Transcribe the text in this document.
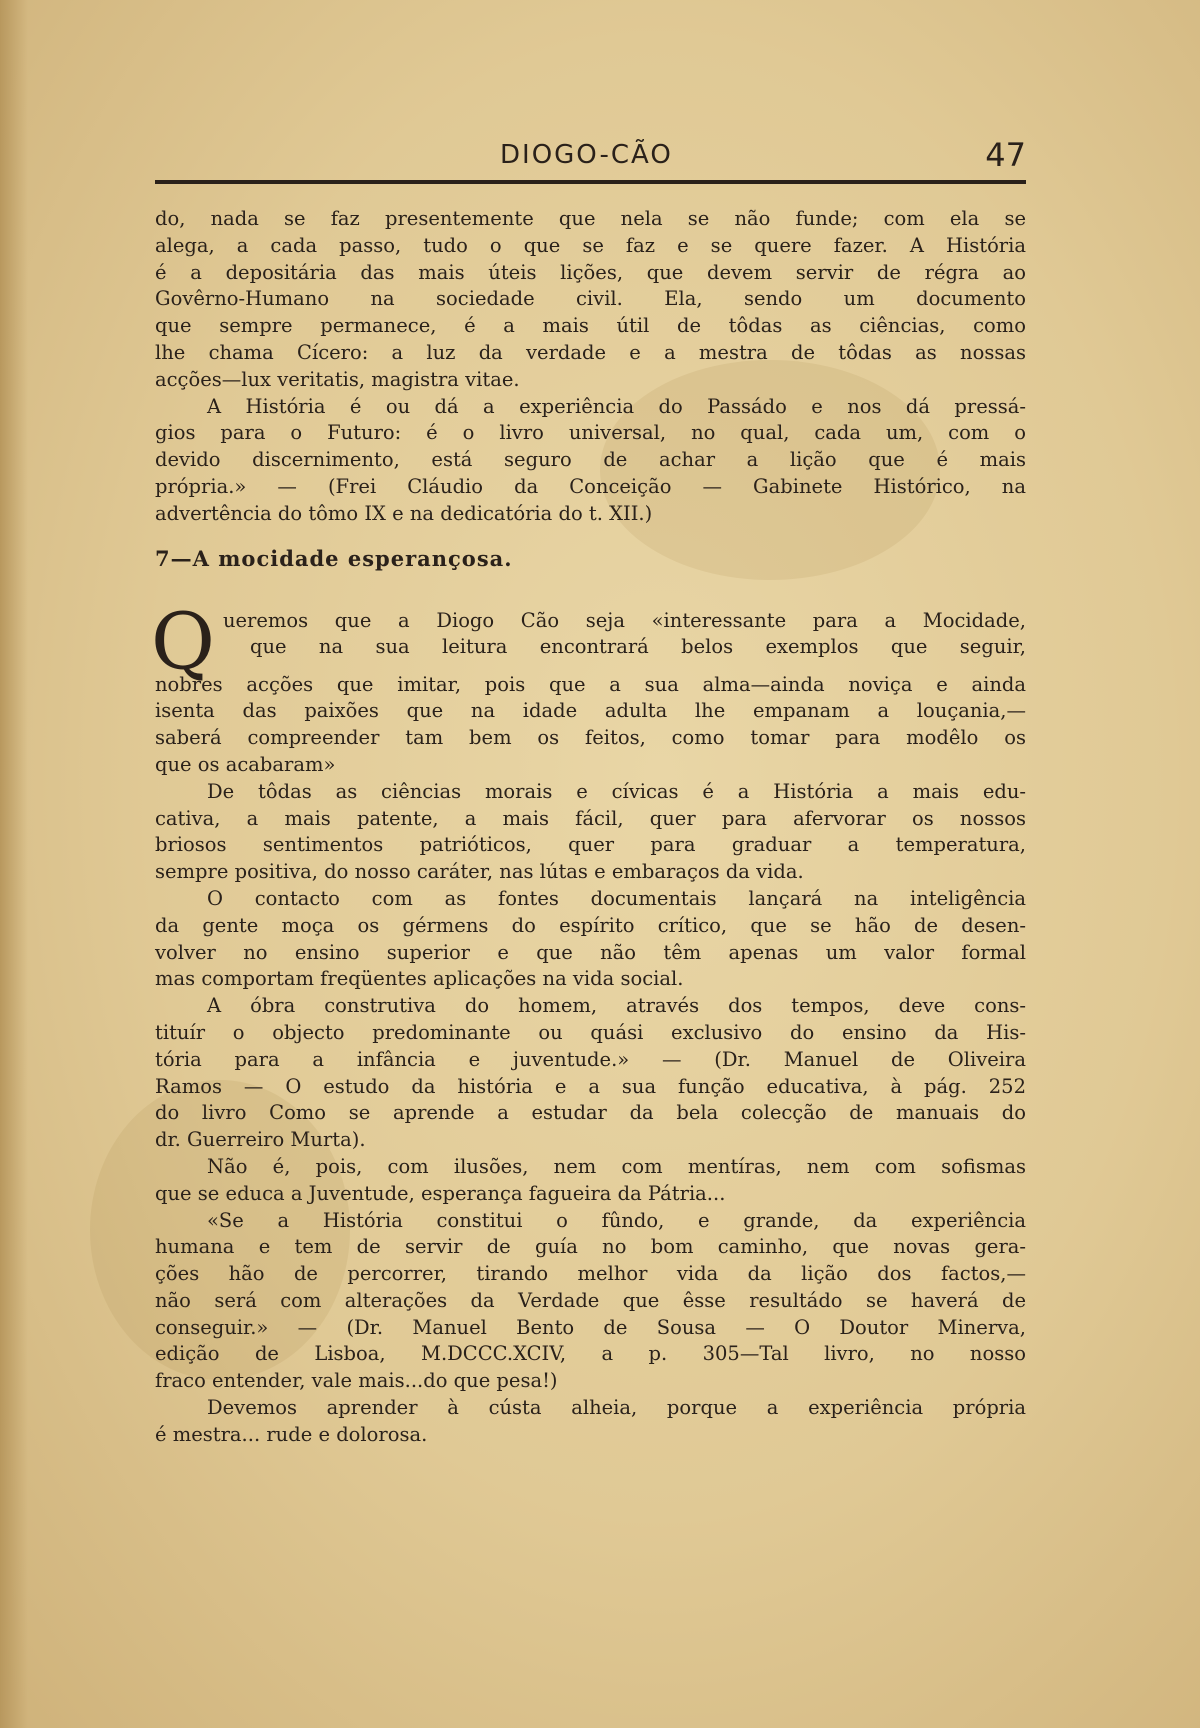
DIOGO-CÃO	47
do, nada se faz presentemente que nela se não funde; com ela se
alega, a cada passo, tudo o que se faz e se quere fazer. A História
é a depositária das mais úteis lições, que devem servir de régra ao
Govêrno-Humano na sociedade civil. Ela, sendo um documento
que sempre permanece, é a mais útil de tôdas as ciências, como
lhe chama Cícero: a luz da verdade e a mestra de tôdas as nossas
acções—lux veritatis, magistra vitae.
A História é ou dá a experiência do Passádo e nos dá pressá-
gios para o Futuro: é o livro universal, no qual, cada um, com o
devido discernimento, está seguro de achar a lição que é mais
própria.» — (Frei Cláudio da Conceição — Gabinete Histórico, na
advertência do tômo IX e na dedicatória do t. XII.)
7—A mocidade esperançosa.
Q ueremos que a Diogo Cão seja «interessante para a Mocidade,
que na sua leitura encontrará belos exemplos que seguir,
nobres acções que imitar, pois que a sua alma—ainda noviça e ainda
isenta das paixões que na idade adulta lhe empanam a louçania,—
saberá compreender tam bem os feitos, como tomar para modêlo os
que os acabaram»
De tôdas as ciências morais e cívicas é a História a mais edu-
cativa, a mais patente, a mais fácil, quer para afervorar os nossos
briosos sentimentos patrióticos, quer para graduar a temperatura,
sempre positiva, do nosso caráter, nas lútas e embaraços da vida.
O contacto com as fontes documentais lançará na inteligência
da gente moça os gérmens do espírito crítico, que se hão de desen-
volver no ensino superior e que não têm apenas um valor formal
mas comportam freqüentes aplicações na vida social.
A óbra construtiva do homem, através dos tempos, deve cons-
tituír o objecto predominante ou quási exclusivo do ensino da His-
tória para a infância e juventude.» — (Dr. Manuel de Oliveira
Ramos — O estudo da história e a sua função educativa, à pág. 252
do livro Como se aprende a estudar da bela colecção de manuais do
dr. Guerreiro Murta).
Não é, pois, com ilusões, nem com mentíras, nem com sofismas
que se educa a Juventude, esperança fagueira da Pátria...
«Se a História constitui o fûndo, e grande, da experiência
humana e tem de servir de guía no bom caminho, que novas gera-
ções hão de percorrer, tirando melhor vida da lição dos factos,—
não será com alterações da Verdade que êsse resultádo se haverá de
conseguir.» — (Dr. Manuel Bento de Sousa — O Doutor Minerva,
edição de Lisboa, M.DCCC.XCIV, a p. 305—Tal livro, no nosso
fraco entender, vale mais...do que pesa!)
Devemos aprender à cústa alheia, porque a experiência própria
é mestra... rude e dolorosa.
